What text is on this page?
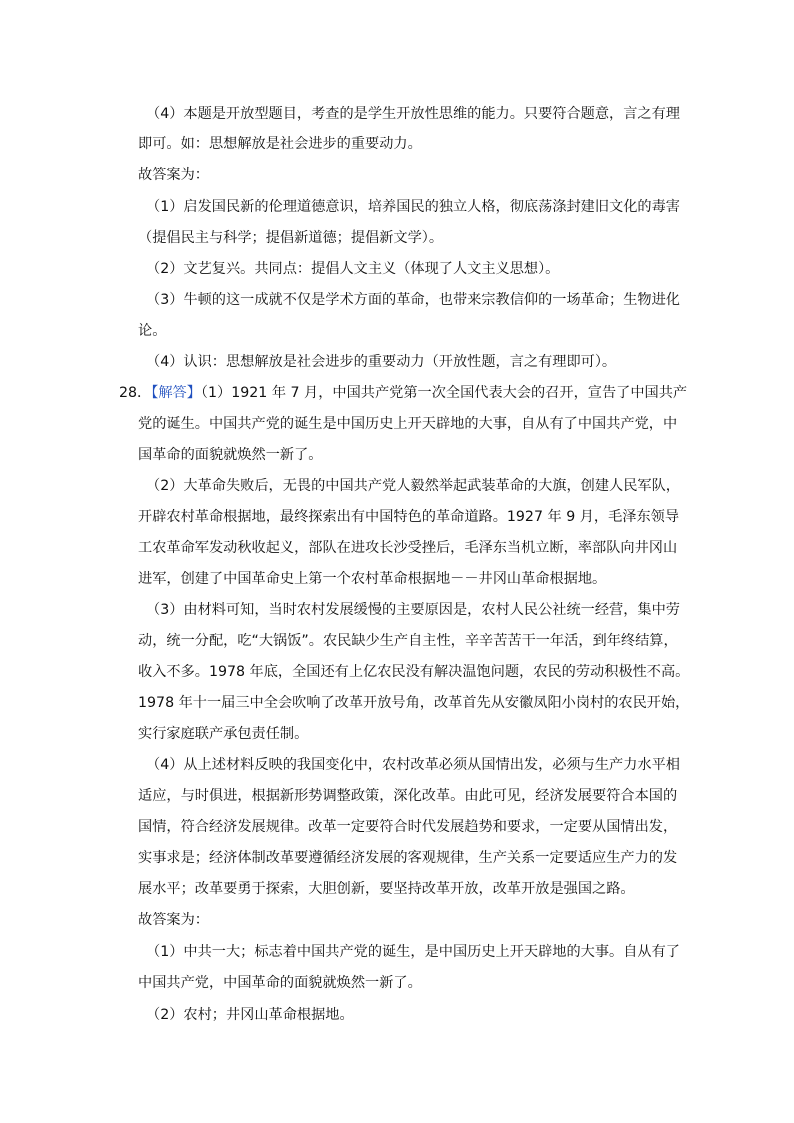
（4）本题是开放型题目，考查的是学生开放性思维的能力。只要符合题意，言之有理
即可。如：思想解放是社会进步的重要动力。
故答案为：
（1）启发国民新的伦理道德意识，培养国民的独立人格，彻底荡涤封建旧文化的毒害
（提倡民主与科学；提倡新道德；提倡新文学）。
（2）文艺复兴。共同点：提倡人文主义（体现了人文主义思想）。
（3）牛顿的这一成就不仅是学术方面的革命，也带来宗教信仰的一场革命；生物进化
论。
（4）认识：思想解放是社会进步的重要动力（开放性题，言之有理即可）。
28．【解答】（1）1921 年 7 月，中国共产党第一次全国代表大会的召开，宣告了中国共产
党的诞生。中国共产党的诞生是中国历史上开天辟地的大事，自从有了中国共产党，中
国革命的面貌就焕然一新了。
（2）大革命失败后，无畏的中国共产党人毅然举起武装革命的大旗，创建人民军队，
开辟农村革命根据地，最终探索出有中国特色的革命道路。1927 年 9 月，毛泽东领导
工农革命军发动秋收起义，部队在进攻长沙受挫后，毛泽东当机立断，率部队向井冈山
进军，创建了中国革命史上第一个农村革命根据地－－井冈山革命根据地。
（3）由材料可知，当时农村发展缓慢的主要原因是，农村人民公社统一经营，集中劳
动，统一分配，吃“大锅饭”。农民缺少生产自主性，辛辛苦苦干一年活，到年终结算，
收入不多。1978 年底，全国还有上亿农民没有解决温饱问题，农民的劳动积极性不高。
1978 年十一届三中全会吹响了改革开放号角，改革首先从安徽凤阳小岗村的农民开始，
实行家庭联产承包责任制。
（4）从上述材料反映的我国变化中，农村改革必须从国情出发，必须与生产力水平相
适应，与时俱进，根据新形势调整政策，深化改革。由此可见，经济发展要符合本国的
国情，符合经济发展规律。改革一定要符合时代发展趋势和要求，一定要从国情出发，
实事求是；经济体制改革要遵循经济发展的客观规律，生产关系一定要适应生产力的发
展水平；改革要勇于探索，大胆创新，要坚持改革开放，改革开放是强国之路。
故答案为：
（1）中共一大；标志着中国共产党的诞生，是中国历史上开天辟地的大事。自从有了
中国共产党，中国革命的面貌就焕然一新了。
（2）农村；井冈山革命根据地。
